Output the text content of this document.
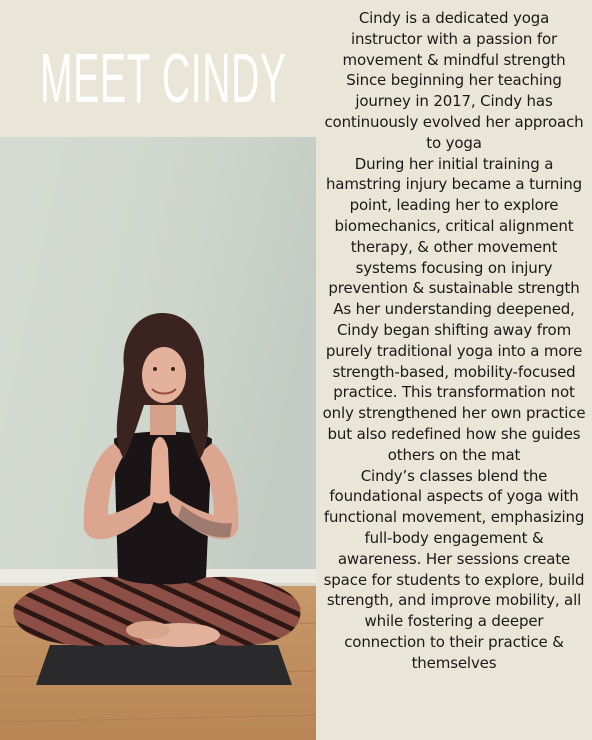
MEET CINDY

Cindy is a dedicated yoga instructor with a passion for movement & mindful strength

Since beginning her teaching journey in 2017, Cindy has continuously evolved her approach to yoga

During her initial training a hamstring injury became a turning point, leading her to explore biomechanics, critical alignment therapy, & other movement systems focusing on injury prevention & sustainable strength

As her understanding deepened, Cindy began shifting away from purely traditional yoga into a more strength-based, mobility-focused practice. This transformation not only strengthened her own practice but also redefined how she guides others on the mat

Cindy’s classes blend the foundational aspects of yoga with functional movement, emphasizing full-body engagement & awareness. Her sessions create space for students to explore, build strength, and improve mobility, all while fostering a deeper connection to their practice & themselves
